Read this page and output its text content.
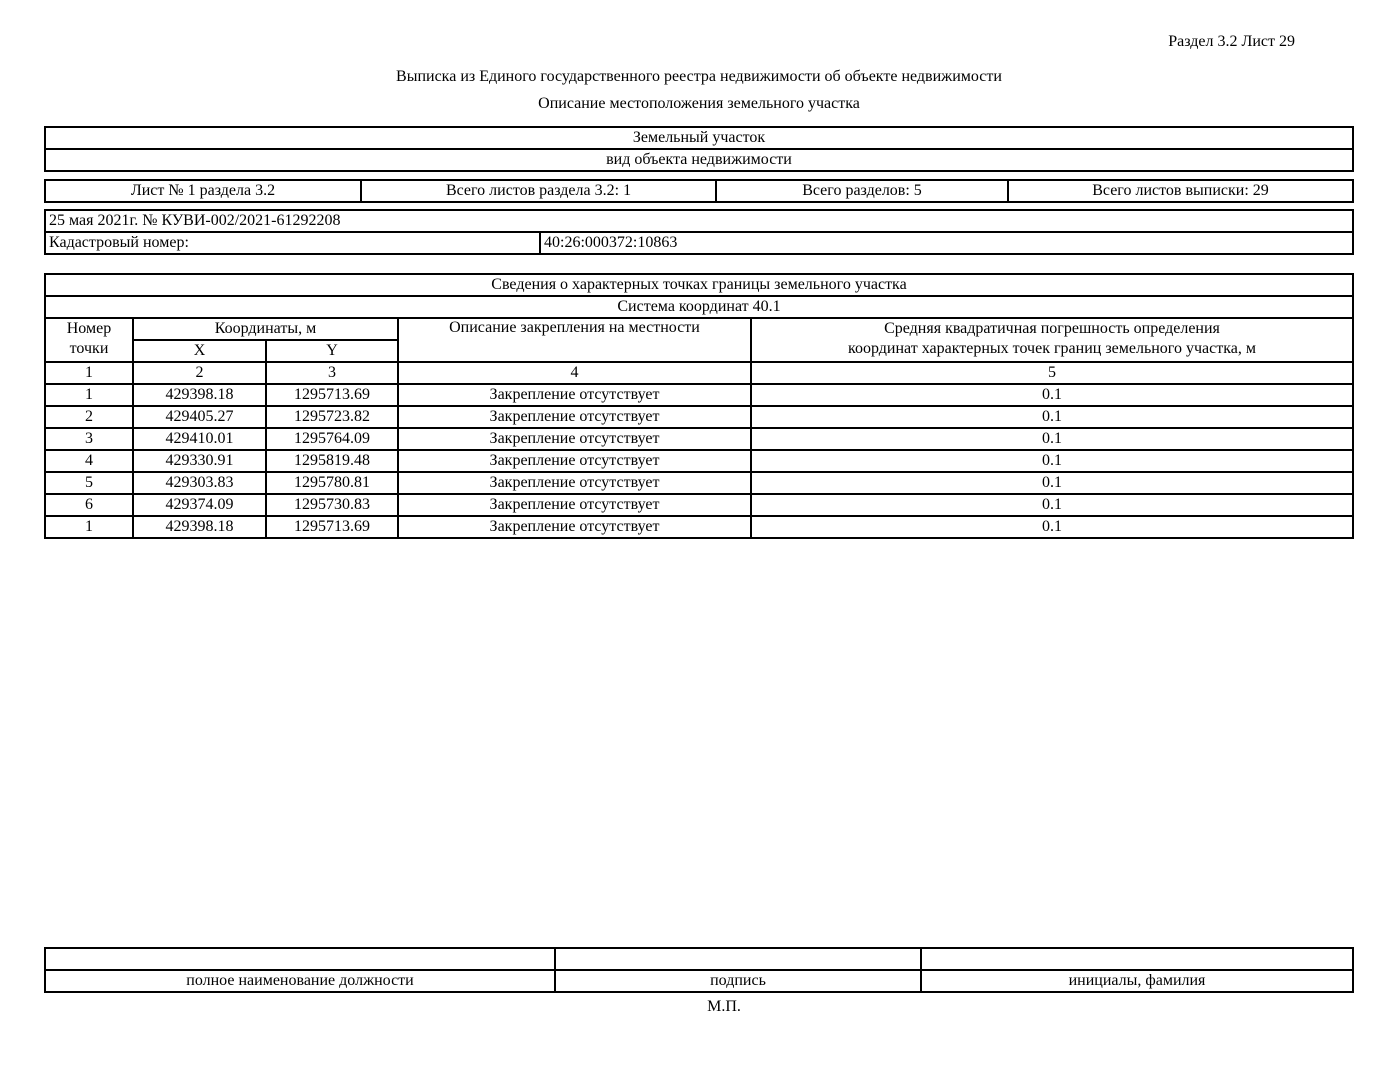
Раздел 3.2 Лист 29
Выписка из Единого государственного реестра недвижимости об объекте недвижимости
Описание местоположения земельного участка
Земельный участок
вид объекта недвижимости
Лист № 1 раздела 3.2	Всего листов раздела 3.2: 1	Всего разделов: 5	Всего листов выписки: 29
25 мая 2021г. № КУВИ-002/2021-61292208
Кадастровый номер:	40:26:000372:10863
Сведения о характерных точках границы земельного участка				
Система координат 40.1				
Номер точки	Координаты, м		Описание закрепления на местности	Средняя квадратичная погрешность определения
координат характерных точек границ земельного участка, м

	X	Y		
1	2	3	4	5
1	429398.18	1295713.69	Закрепление отсутствует	0.1
2	429405.27	1295723.82	Закрепление отсутствует	0.1
3	429410.01	1295764.09	Закрепление отсутствует	0.1
4	429330.91	1295819.48	Закрепление отсутствует	0.1
5	429303.83	1295780.81	Закрепление отсутствует	0.1
6	429374.09	1295730.83	Закрепление отсутствует	0.1
1	429398.18	1295713.69	Закрепление отсутствует	0.1

полное наименование должности	подпись	инициалы, фамилия
М.П.
